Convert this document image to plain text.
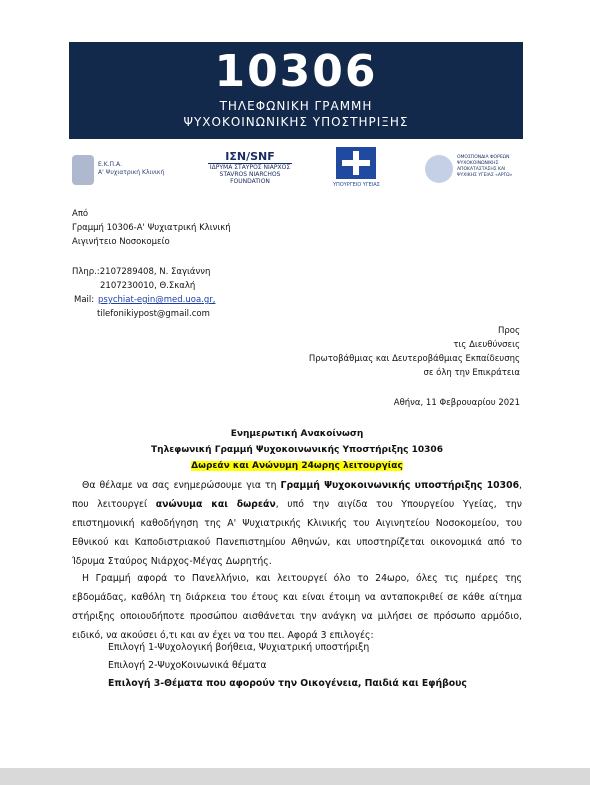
10306
ΤΗΛΕΦΩΝΙΚΗ ΓΡΑΜΜΗ
ΨΥΧΟΚΟΙΝΩΝΙΚΗΣ ΥΠΟΣΤΗΡΙΞΗΣ
Ε.Κ.Π.Α.
Α' Ψυχιατρική Κλινική
ΙΣΝ/SNF
ΙΔΡΥΜΑ ΣΤΑΥΡΟΣ ΝΙΑΡΧΟΣ
STAVROS NIARCHOS
FOUNDATION	ΥΠΟΥΡΓΕΙΟ ΥΓΕΙΑΣ
ΟΜΟΣΠΟΝΔΙΑ ΦΟΡΕΩΝ ΨΥΧΟΚΟΙΝΩΝΙΚΗΣ ΑΠΟΚΑΤΑΣΤΑΣΗΣ ΚΑΙ ΨΥΧΙΚΗΣ ΥΓΕΙΑΣ «ΑΡΓΩ»
Από
Γραμμή 10306-Α' Ψυχιατρική Κλινική
Αιγινήτειο Νοσοκομείο
Πληρ.:2107289408, Ν. Σαγιάννη
2107230010, Θ.Σκαλή
Mail: psychiat-egin@med.uoa.gr,
tilefonikiypost@gmail.com
Προς
τις Διευθύνσεις
Πρωτοβάθμιας και Δευτεροβάθμιας Εκπαίδευσης
σε όλη την Επικράτεια
Αθήνα, 11 Φεβρουαρίου 2021
Ενημερωτική Ανακοίνωση
Τηλεφωνική Γραμμή Ψυχοκοινωνικής Υποστήριξης 10306
Δωρεάν και Ανώνυμη 24ωρης λειτουργίας
Θα θέλαμε να σας ενημερώσουμε για τη Γραμμή Ψυχοκοινωνικής υποστήριξης 10306, που λειτουργεί ανώνυμα και δωρεάν, υπό την αιγίδα του Υπουργείου Υγείας, την επιστημονική καθοδήγηση της Α' Ψυχιατρικής Κλινικής του Αιγινητείου Νοσοκομείου, του Εθνικού και Καποδιστριακού Πανεπιστημίου Αθηνών, και υποστηρίζεται οικονομικά από το Ίδρυμα Σταύρος Νιάρχος-Μέγας Δωρητής.
Η Γραμμή αφορά το Πανελλήνιο, και λειτουργεί όλο το 24ωρο, όλες τις ημέρες της εβδομάδας, καθόλη τη διάρκεια του έτους και είναι έτοιμη να ανταποκριθεί σε κάθε αίτημα στήριξης οποιουδήποτε προσώπου αισθάνεται την ανάγκη να μιλήσει σε πρόσωπο αρμόδιο, ειδικό, να ακούσει ό,τι και αν έχει να του πει. Αφορά 3 επιλογές:
Επιλογή 1-Ψυχολογική βοήθεια, Ψυχιατρική υποστήριξη
Επιλογή 2-ΨυχοΚοινωνικά θέματα
Επιλογή 3-Θέματα που αφορούν την Οικογένεια, Παιδιά και Εφήβους
